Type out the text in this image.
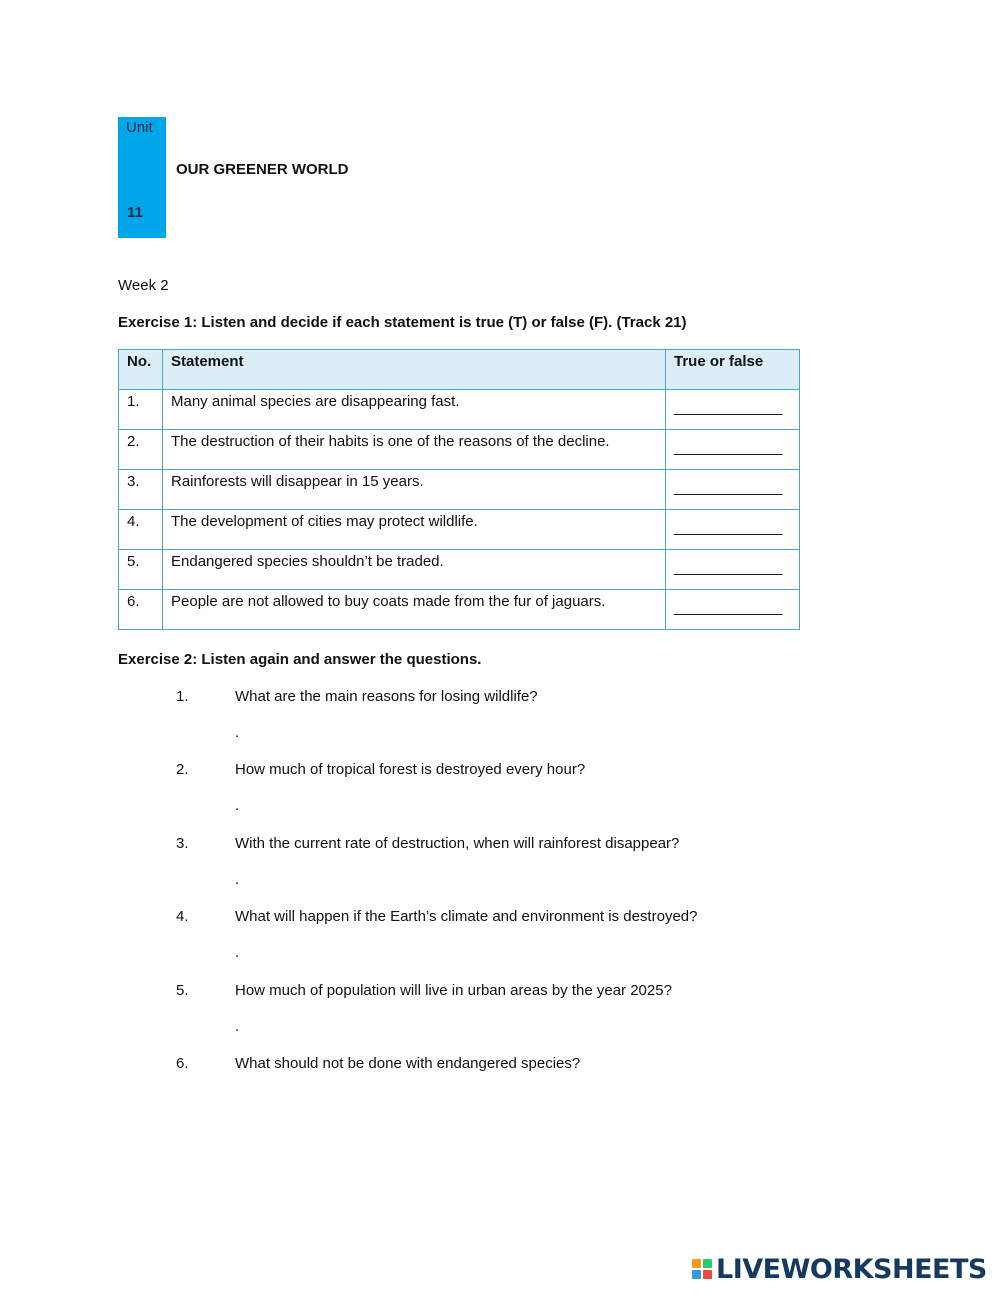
Unit
11
OUR GREENER WORLD
Week 2
Exercise 1: Listen and decide if each statement is true (T) or false (F). (Track 21)
No.	Statement	True or false
1.	Many animal species are disappearing fast.	_____________
2.	The destruction of their habits is one of the reasons of the decline.	_____________
3.	Rainforests will disappear in 15 years.	_____________
4.	The development of cities may protect wildlife.	_____________
5.	Endangered species shouldn’t be traded.	_____________
6.	People are not allowed to buy coats made from the fur of jaguars.	_____________
Exercise 2: Listen again and answer the questions.
1.	What are the main reasons for losing wildlife?
.
2.	How much of tropical forest is destroyed every hour?
.
3.	With the current rate of destruction, when will rainforest disappear?
.
4.	What will happen if the Earth’s climate and environment is destroyed?
.
5.	How much of population will live in urban areas by the year 2025?
.
6.	What should not be done with endangered species?
LIVEWORKSHEETS
